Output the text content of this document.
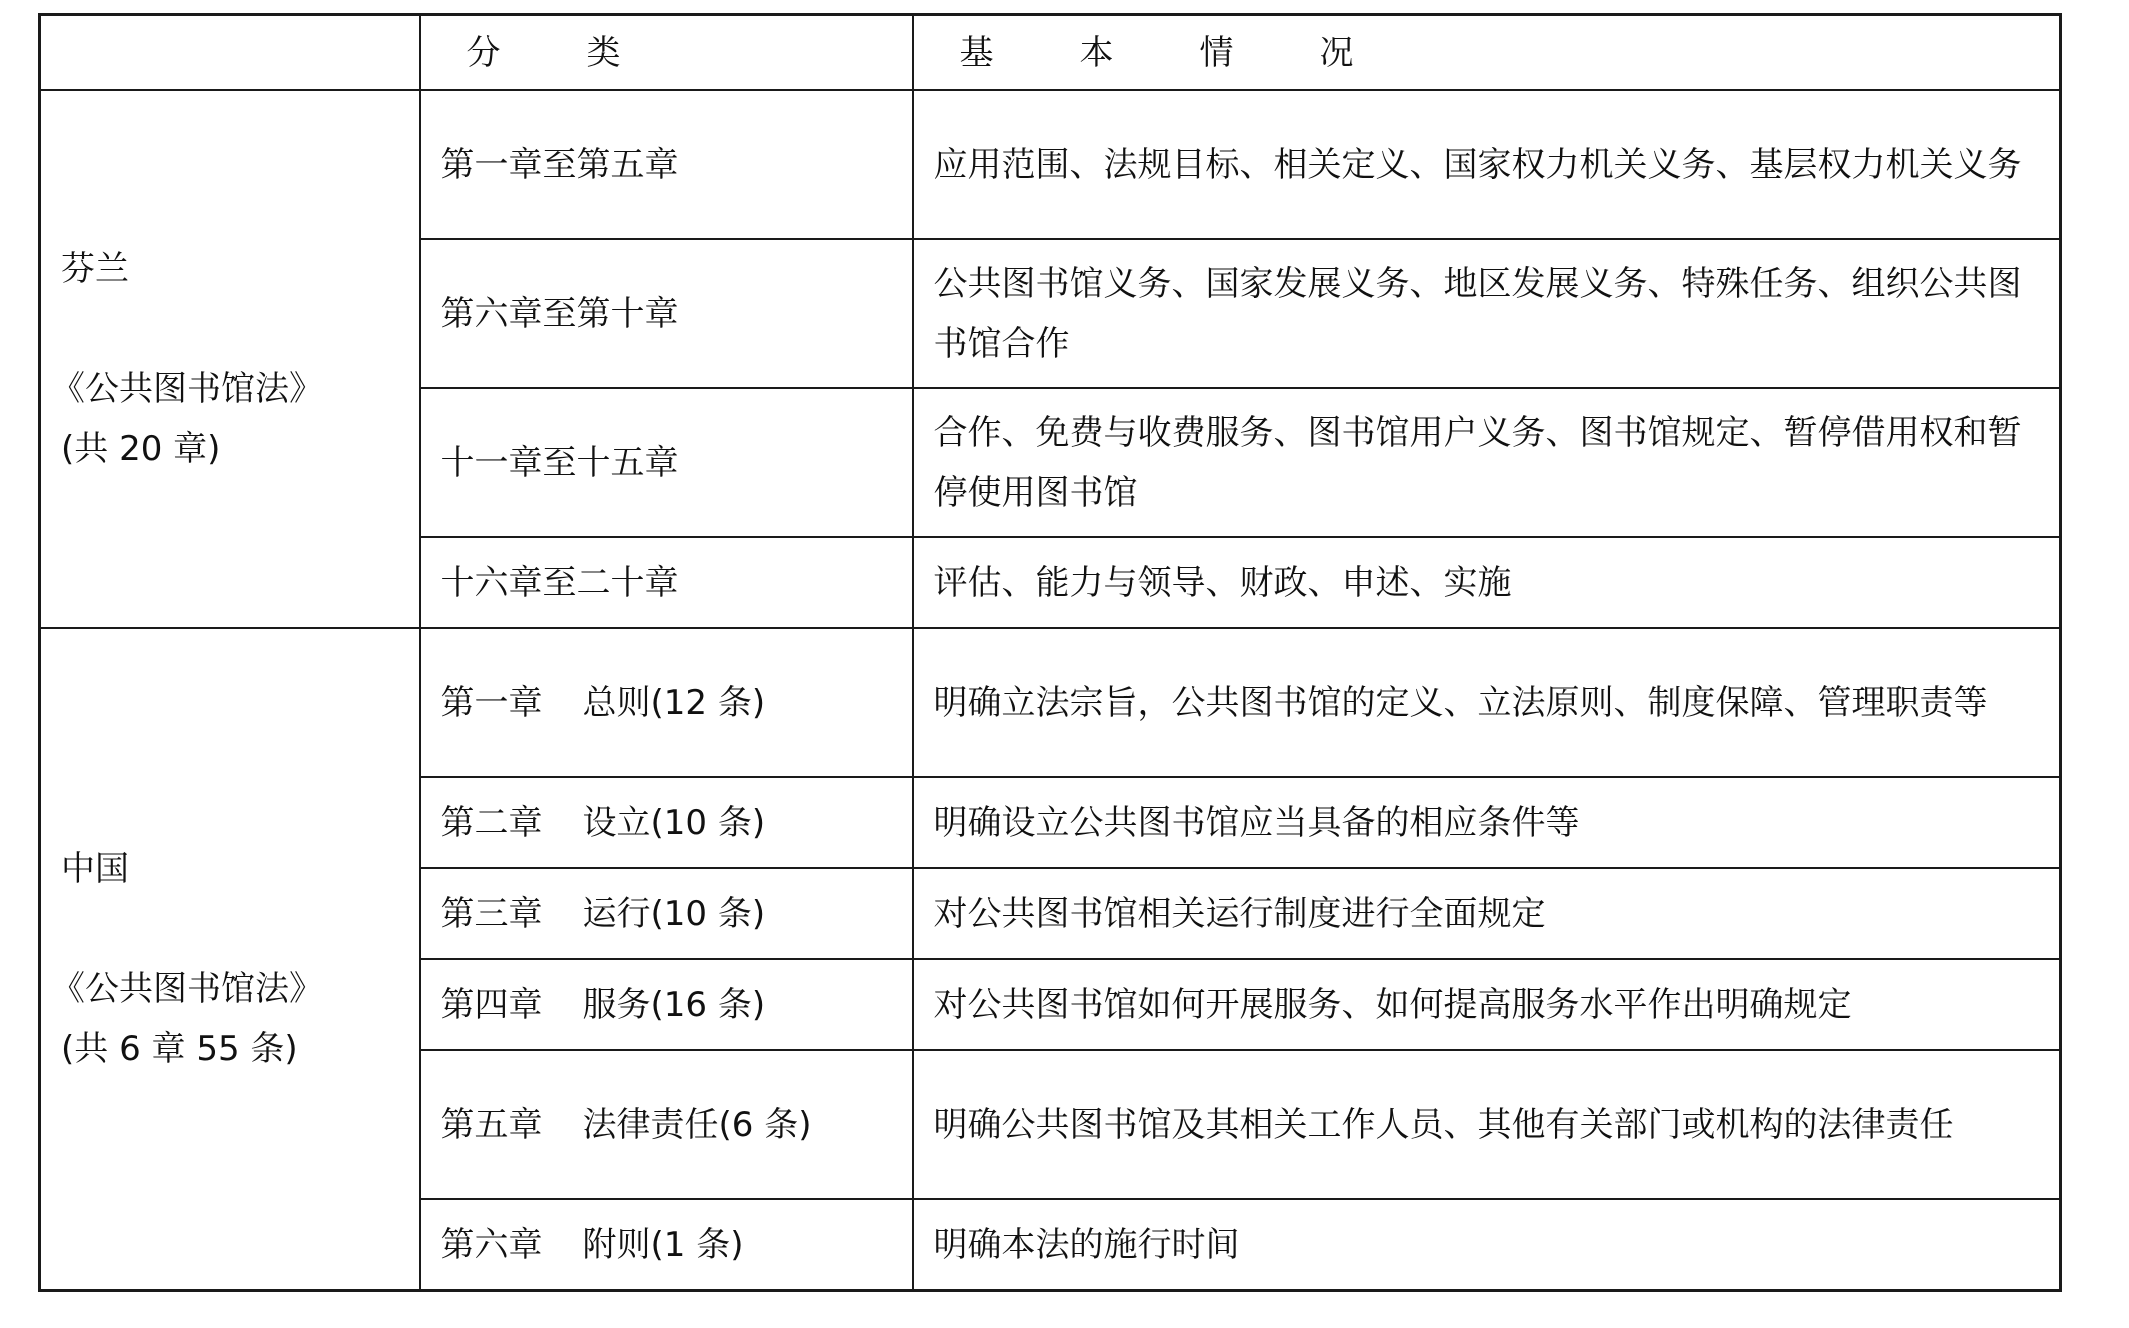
	分　类	基　本　情　况

芬兰
《公共图书馆法》
(共 20 章)	第一章至第五章	应用范围、法规目标、相关定义、国家权力机关义务、基层权力机关义务
	第六章至第十章	公共图书馆义务、国家发展义务、地区发展义务、特殊任务、组织公共图书馆合作
	十一章至十五章	合作、免费与收费服务、图书馆用户义务、图书馆规定、暂停借用权和暂停使用图书馆
	十六章至二十章	评估、能力与领导、财政、申述、实施

中国
《公共图书馆法》
(共 6 章 55 条)	第一章 总则(12 条)	明确立法宗旨，公共图书馆的定义、立法原则、制度保障、管理职责等
	第二章 设立(10 条)	明确设立公共图书馆应当具备的相应条件等
	第三章 运行(10 条)	对公共图书馆相关运行制度进行全面规定
	第四章 服务(16 条)	对公共图书馆如何开展服务、如何提高服务水平作出明确规定
	第五章 法律责任(6 条)	明确公共图书馆及其相关工作人员、其他有关部门或机构的法律责任
	第六章 附则(1 条)	明确本法的施行时间
